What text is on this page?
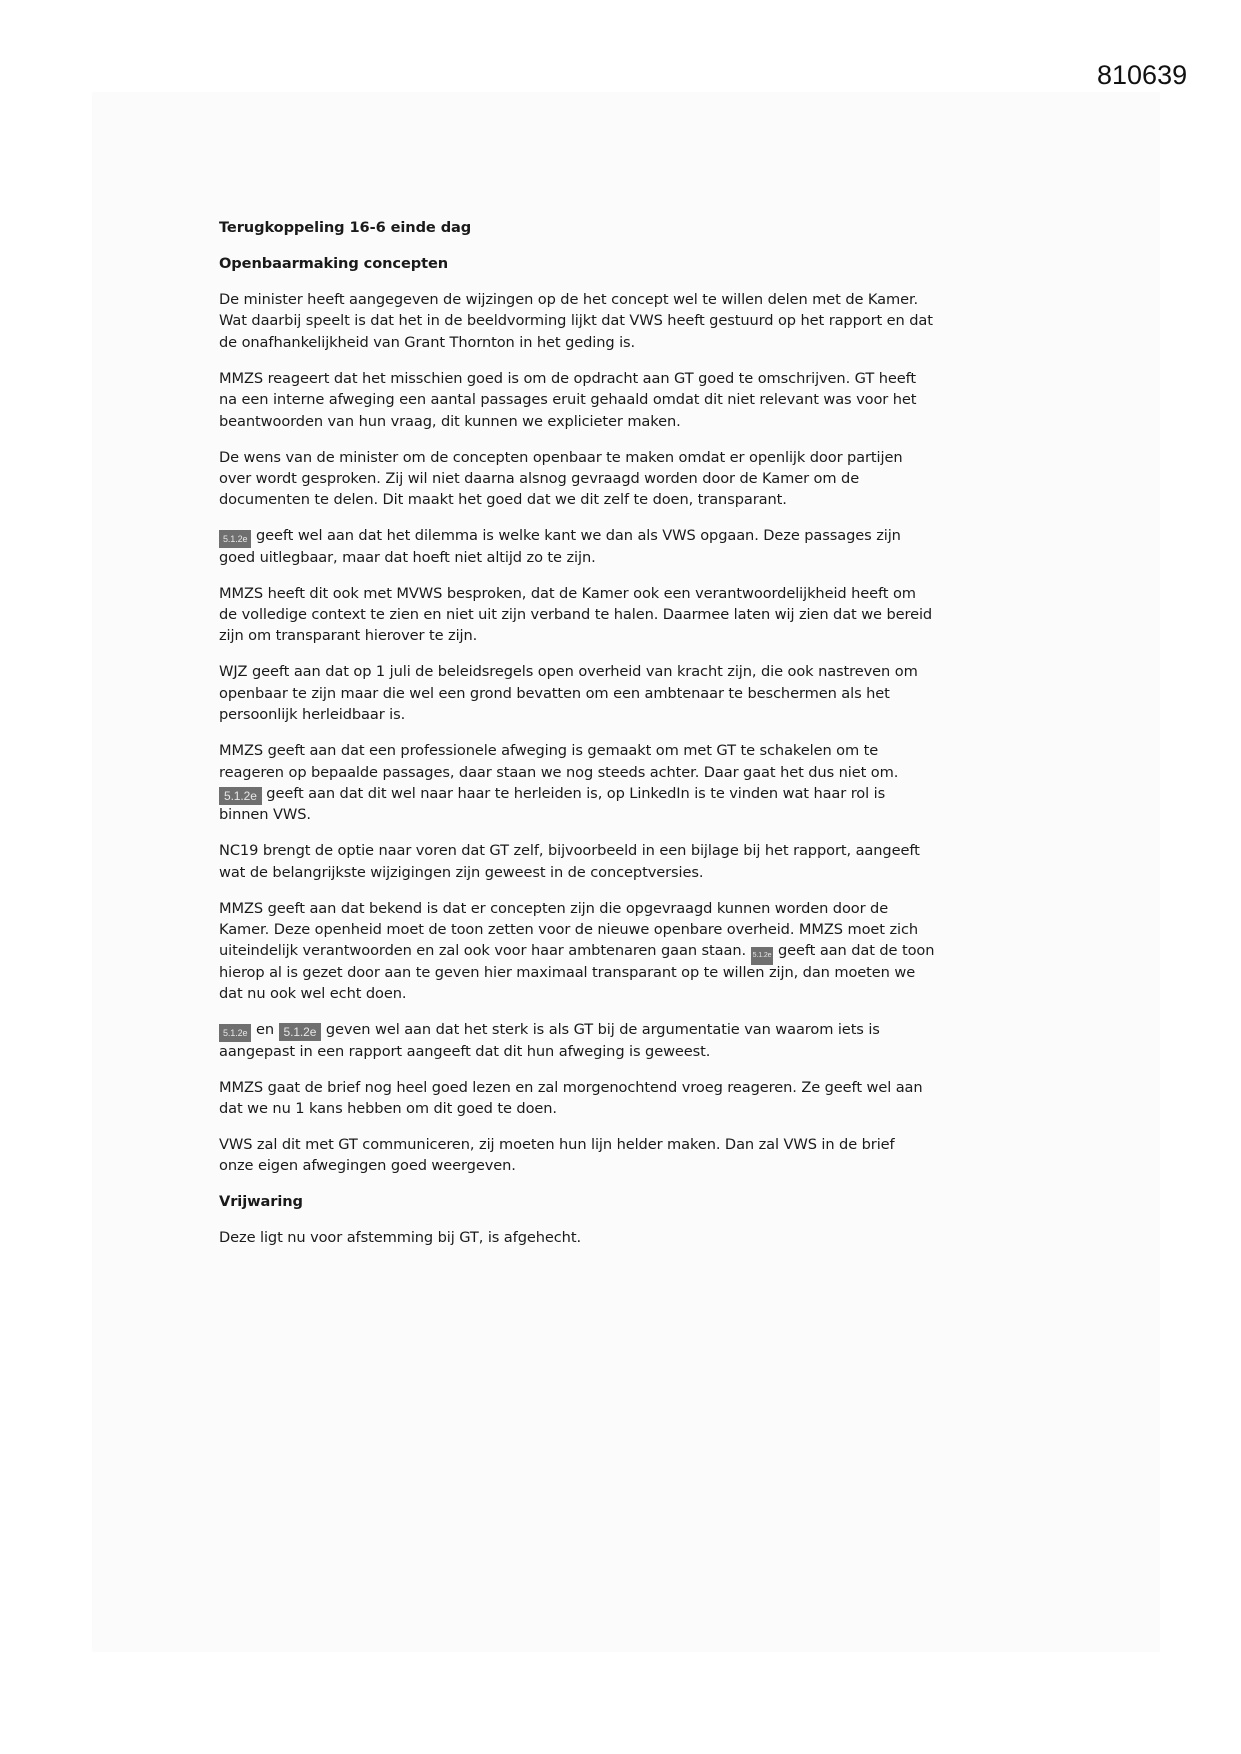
810639
Terugkoppeling 16-6 einde dag
Openbaarmaking concepten
De minister heeft aangegeven de wijzingen op de het concept wel te willen delen met de Kamer.
Wat daarbij speelt is dat het in de beeldvorming lijkt dat VWS heeft gestuurd op het rapport en dat
de onafhankelijkheid van Grant Thornton in het geding is.
MMZS reageert dat het misschien goed is om de opdracht aan GT goed te omschrijven. GT heeft
na een interne afweging een aantal passages eruit gehaald omdat dit niet relevant was voor het
beantwoorden van hun vraag, dit kunnen we explicieter maken.
De wens van de minister om de concepten openbaar te maken omdat er openlijk door partijen
over wordt gesproken. Zij wil niet daarna alsnog gevraagd worden door de Kamer om de
documenten te delen. Dit maakt het goed dat we dit zelf te doen, transparant.
5.1.2e geeft wel aan dat het dilemma is welke kant we dan als VWS opgaan. Deze passages zijn
goed uitlegbaar, maar dat hoeft niet altijd zo te zijn.
MMZS heeft dit ook met MVWS besproken, dat de Kamer ook een verantwoordelijkheid heeft om
de volledige context te zien en niet uit zijn verband te halen. Daarmee laten wij zien dat we bereid
zijn om transparant hierover te zijn.
WJZ geeft aan dat op 1 juli de beleidsregels open overheid van kracht zijn, die ook nastreven om
openbaar te zijn maar die wel een grond bevatten om een ambtenaar te beschermen als het
persoonlijk herleidbaar is.
MMZS geeft aan dat een professionele afweging is gemaakt om met GT te schakelen om te
reageren op bepaalde passages, daar staan we nog steeds achter. Daar gaat het dus niet om.
5.1.2e geeft aan dat dit wel naar haar te herleiden is, op LinkedIn is te vinden wat haar rol is
binnen VWS.
NC19 brengt de optie naar voren dat GT zelf, bijvoorbeeld in een bijlage bij het rapport, aangeeft
wat de belangrijkste wijzigingen zijn geweest in de conceptversies.
MMZS geeft aan dat bekend is dat er concepten zijn die opgevraagd kunnen worden door de
Kamer. Deze openheid moet de toon zetten voor de nieuwe openbare overheid. MMZS moet zich
uiteindelijk verantwoorden en zal ook voor haar ambtenaren gaan staan. 5.1.2e geeft aan dat de toon
hierop al is gezet door aan te geven hier maximaal transparant op te willen zijn, dan moeten we
dat nu ook wel echt doen.
5.1.2e en 5.1.2e geven wel aan dat het sterk is als GT bij de argumentatie van waarom iets is
aangepast in een rapport aangeeft dat dit hun afweging is geweest.
MMZS gaat de brief nog heel goed lezen en zal morgenochtend vroeg reageren. Ze geeft wel aan
dat we nu 1 kans hebben om dit goed te doen.
VWS zal dit met GT communiceren, zij moeten hun lijn helder maken. Dan zal VWS in de brief
onze eigen afwegingen goed weergeven.
Vrijwaring
Deze ligt nu voor afstemming bij GT, is afgehecht.
